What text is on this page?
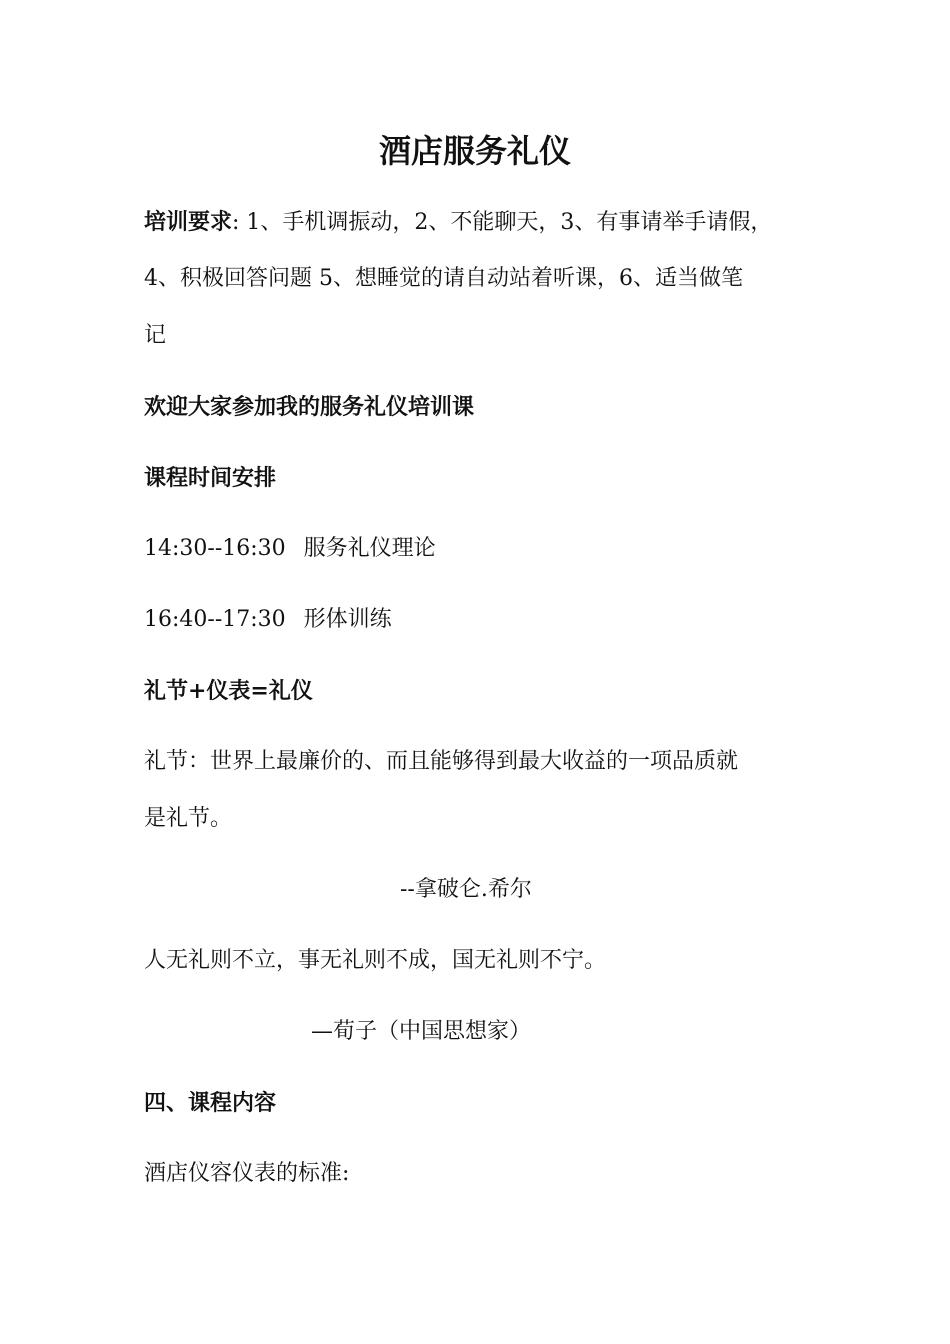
酒店服务礼仪
培训要求: 1、手机调振动，2、不能聊天，3、有事请举手请假，
4、积极回答问题 5、想睡觉的请自动站着听课，6、适当做笔
记
欢迎大家参加我的服务礼仪培训课
课程时间安排
14:30--16:30 服务礼仪理论
16:40--17:30 形体训练
礼节+仪表=礼仪
礼节：世界上最廉价的、而且能够得到最大收益的一项品质就
是礼节。
--拿破仑.希尔
人无礼则不立，事无礼则不成，国无礼则不宁。
—荀子（中国思想家）
四、课程内容
酒店仪容仪表的标准:
